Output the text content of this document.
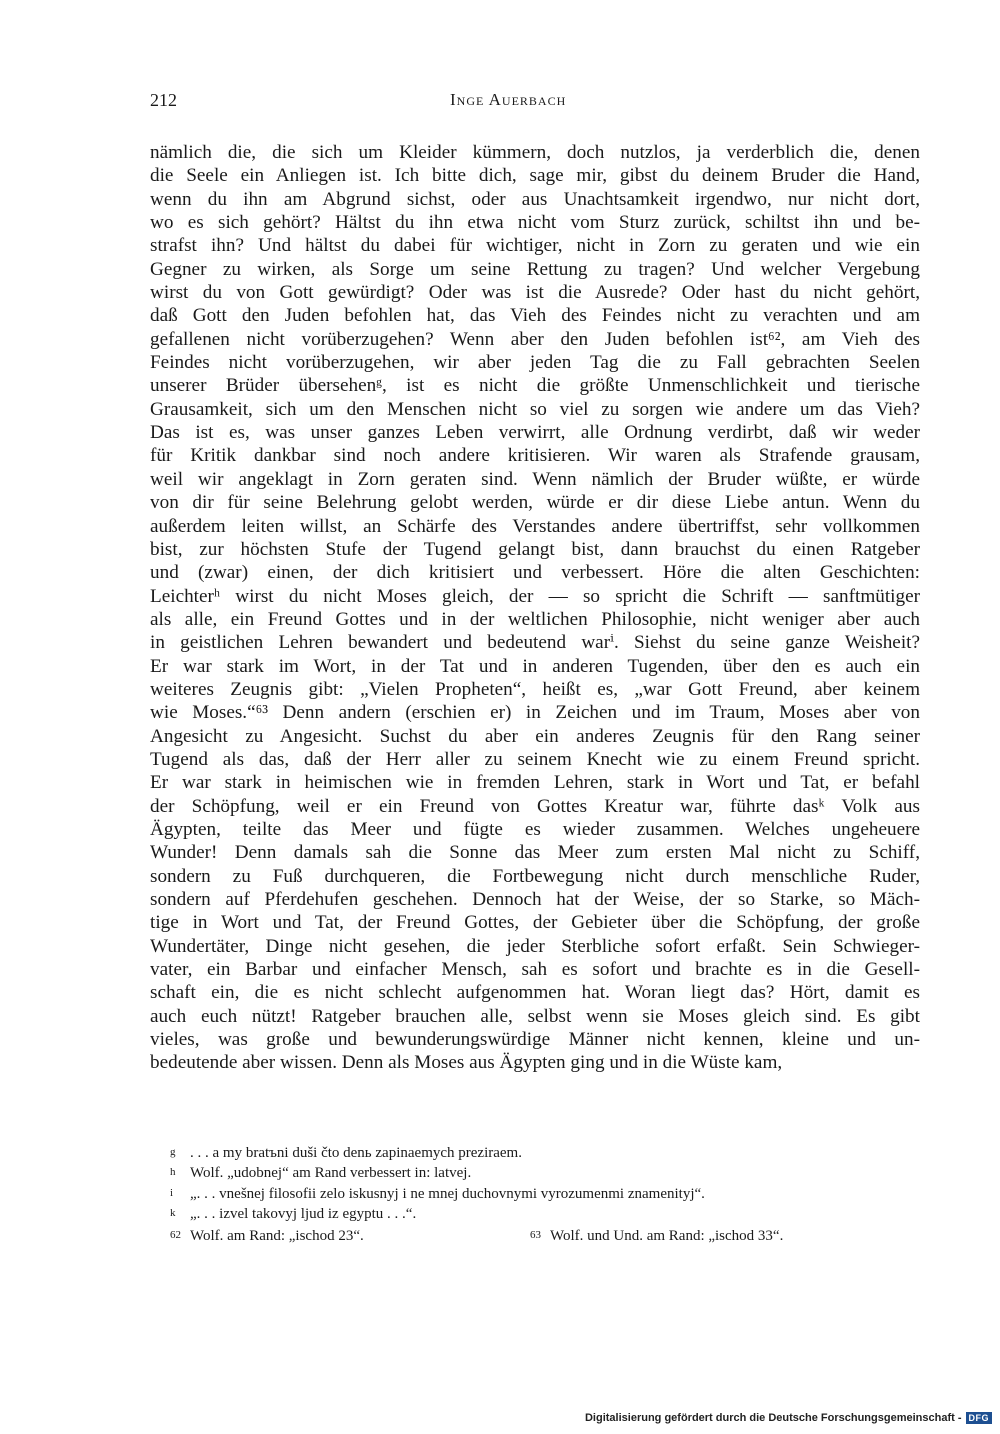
212	Inge Auerbach
nämlich die, die sich um Kleider kümmern, doch nutzlos, ja verderblich die, denen
die Seele ein Anliegen ist. Ich bitte dich, sage mir, gibst du deinem Bruder die Hand,
wenn du ihn am Abgrund sichst, oder aus Unachtsamkeit irgendwo, nur nicht dort,
wo es sich gehört? Hältst du ihn etwa nicht vom Sturz zurück, schiltst ihn und be-
strafst ihn? Und hältst du dabei für wichtiger, nicht in Zorn zu geraten und wie ein
Gegner zu wirken, als Sorge um seine Rettung zu tragen? Und welcher Vergebung
wirst du von Gott gewürdigt? Oder was ist die Ausrede? Oder hast du nicht gehört,
daß Gott den Juden befohlen hat, das Vieh des Feindes nicht zu verachten und am
gefallenen nicht vorüberzugehen? Wenn aber den Juden befohlen ist⁶², am Vieh des
Feindes nicht vorüberzugehen, wir aber jeden Tag die zu Fall gebrachten Seelen
unserer Brüder übersehenᵍ, ist es nicht die größte Unmenschlichkeit und tierische
Grausamkeit, sich um den Menschen nicht so viel zu sorgen wie andere um das Vieh?
Das ist es, was unser ganzes Leben verwirrt, alle Ordnung verdirbt, daß wir weder
für Kritik dankbar sind noch andere kritisieren. Wir waren als Strafende grausam,
weil wir angeklagt in Zorn geraten sind. Wenn nämlich der Bruder wüßte, er würde
von dir für seine Belehrung gelobt werden, würde er dir diese Liebe antun. Wenn du
außerdem leiten willst, an Schärfe des Verstandes andere übertriffst, sehr vollkommen
bist, zur höchsten Stufe der Tugend gelangt bist, dann brauchst du einen Ratgeber
und (zwar) einen, der dich kritisiert und verbessert. Höre die alten Geschichten:
Leichterʰ wirst du nicht Moses gleich, der — so spricht die Schrift — sanftmütiger
als alle, ein Freund Gottes und in der weltlichen Philosophie, nicht weniger aber auch
in geistlichen Lehren bewandert und bedeutend warⁱ. Siehst du seine ganze Weisheit?
Er war stark im Wort, in der Tat und in anderen Tugenden, über den es auch ein
weiteres Zeugnis gibt: „Vielen Propheten“, heißt es, „war Gott Freund, aber keinem
wie Moses.“⁶³ Denn andern (erschien er) in Zeichen und im Traum, Moses aber von
Angesicht zu Angesicht. Suchst du aber ein anderes Zeugnis für den Rang seiner
Tugend als das, daß der Herr aller zu seinem Knecht wie zu einem Freund spricht.
Er war stark in heimischen wie in fremden Lehren, stark in Wort und Tat, er befahl
der Schöpfung, weil er ein Freund von Gottes Kreatur war, führte dasᵏ Volk aus
Ägypten, teilte das Meer und fügte es wieder zusammen. Welches ungeheuere
Wunder! Denn damals sah die Sonne das Meer zum ersten Mal nicht zu Schiff,
sondern zu Fuß durchqueren, die Fortbewegung nicht durch menschliche Ruder,
sondern auf Pferdehufen geschehen. Dennoch hat der Weise, der so Starke, so Mäch-
tige in Wort und Tat, der Freund Gottes, der Gebieter über die Schöpfung, der große
Wundertäter, Dinge nicht gesehen, die jeder Sterbliche sofort erfaßt. Sein Schwieger-
vater, ein Barbar und einfacher Mensch, sah es sofort und brachte es in die Gesell-
schaft ein, die es nicht schlecht aufgenommen hat. Woran liegt das? Hört, damit es
auch euch nützt! Ratgeber brauchen alle, selbst wenn sie Moses gleich sind. Es gibt
vieles, was große und bewunderungswürdige Männer nicht kennen, kleine und un-
bedeutende aber wissen. Denn als Moses aus Ägypten ging und in die Wüste kam,
g . . . a my bratъni duši čto denь zapinaemych preziraem.
h Wolf. „udobnej“ am Rand verbessert in: latvej.
i „. . . vnešnej filosofii zelo iskusnyj i ne mnej duchovnymi vyrozumenmi znamenityj“.
k „. . . izvel takovyj ljud iz egyptu . . .“.
62 Wolf. am Rand: „ischod 23“.	63 Wolf. und Und. am Rand: „ischod 33“.
Digitalisierung gefördert durch die Deutsche Forschungsgemeinschaft - DFG
